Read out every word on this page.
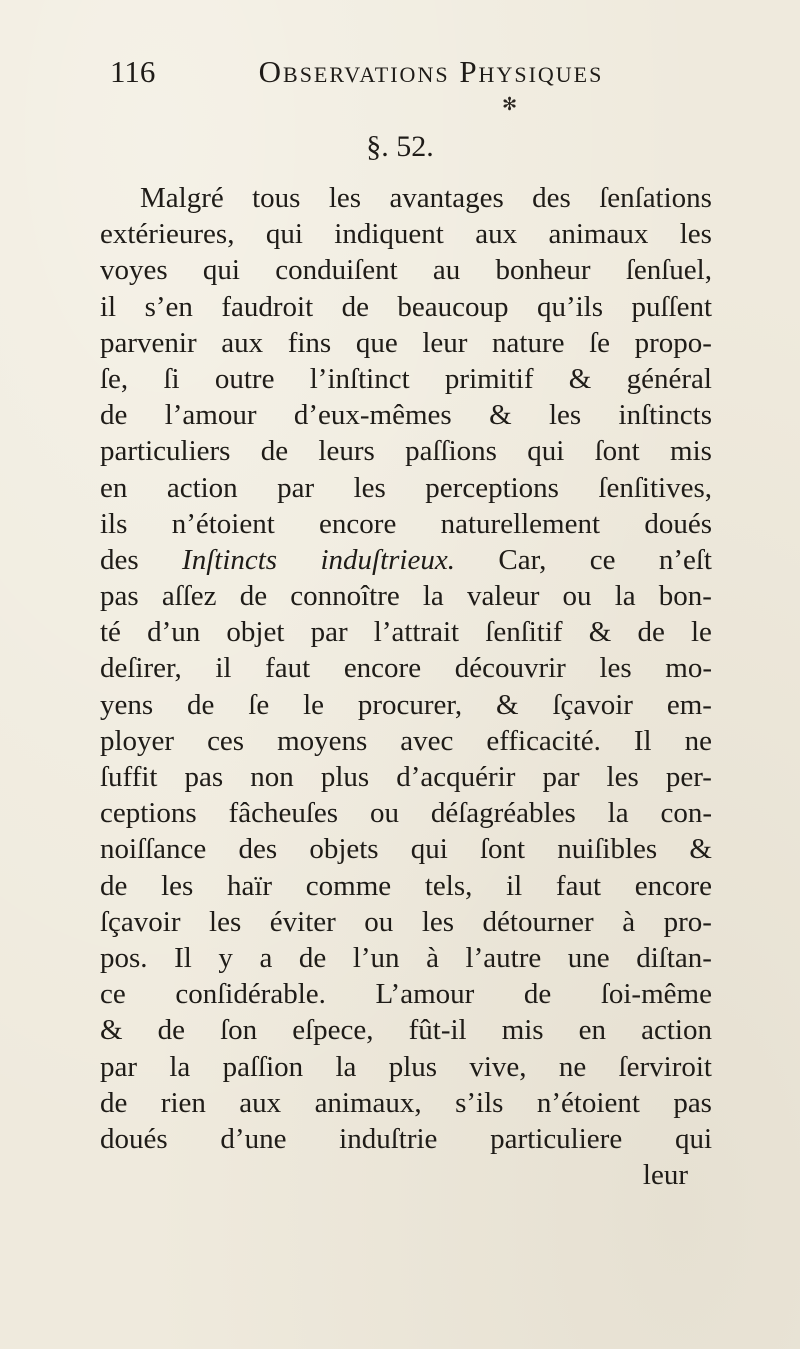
116	Observations Physiques
✻
§. 52.
Malgré tous les avantages des ſenſations
extérieures, qui indiquent aux animaux les
voyes qui conduiſent au bonheur ſenſuel,
il s’en faudroit de beaucoup qu’ils puſſent
parvenir aux fins que leur nature ſe propo-
ſe, ſi outre l’inſtinct primitif & général
de l’amour d’eux-mêmes & les inſtincts
particuliers de leurs paſſions qui ſont mis
en action par les perceptions ſenſitives,
ils n’étoient encore naturellement doués
des Inſtincts induſtrieux. Car, ce n’eſt
pas aſſez de connoître la valeur ou la bon-
té d’un objet par l’attrait ſenſitif & de le
deſirer, il faut encore découvrir les mo-
yens de ſe le procurer, & ſçavoir em-
ployer ces moyens avec efficacité. Il ne
ſuffit pas non plus d’acquérir par les per-
ceptions fâcheuſes ou déſagréables la con-
noiſſance des objets qui ſont nuiſibles &
de les haïr comme tels, il faut encore
ſçavoir les éviter ou les détourner à pro-
pos. Il y a de l’un à l’autre une diſtan-
ce conſidérable. L’amour de ſoi-même
& de ſon eſpece, fût-il mis en action
par la paſſion la plus vive, ne ſerviroit
de rien aux animaux, s’ils n’étoient pas
doués d’une induſtrie particuliere qui
leur
